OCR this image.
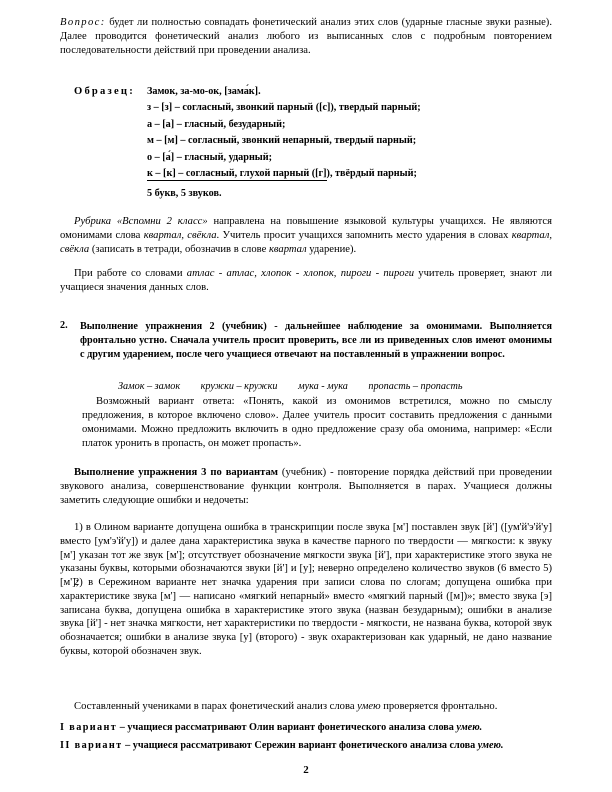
Вопрос: будет ли полностью совпадать фонетический анализ этих слов (ударные гласные звуки разные). Далее проводится фонетический анализ любого из выписанных слов с подробным повторением последовательности действий при проведении анализа.

Образец: Замок, за-мо-ок, [зама́к].
з – [з] – согласный, звонкий парный ([с]), твердый парный;
а – [а] – гласный, безударный;
м – [м] – согласный, звонкий непарный, твердый парный;
о – [а́] – гласный, ударный;
к – [к] – согласный, глухой парный ([г]), твёрдый парный;
5 букв, 5 звуков.

Рубрика «Вспомни 2 класс» направлена на повышение языковой культуры учащихся. Не являются омонимами слова квартал, свёкла. Учитель просит учащихся запомнить место ударения в словах квартал, свёкла (записать в тетради, обозначив в слове квартал ударение).

При работе со словами атлас - атлас, хлопок - хлопок, пироги - пироги учитель проверяет, знают ли учащиеся значения данных слов.

2. Выполнение упражнения 2 (учебник) - дальнейшее наблюдение за омонимами. Выполняется фронтально устно. Сначала учитель просит проверить, все ли из приведенных слов имеют омонимы с другим ударением, после чего учащиеся отвечают на поставленный в упражнении вопрос.

Замок – замок кружки – кружки мука - мука пропасть – пропасть

Возможный вариант ответа: «Понять, какой из омонимов встретился, можно по смыслу предложения, в которое включено слово». Далее учитель просит составить предложения с данными омонимами. Можно предложить включить в одно предложение сразу оба омонима, например: «Если платок уронить в пропасть, он может пропасть».

Выполнение упражнения 3 по вариантам (учебник) - повторение порядка действий при проведении звукового анализа, совершенствование функции контроля. Выполняется в парах. Учащиеся должны заметить следующие ошибки и недочеты:

1) в Олином варианте допущена ошибка в транскрипции после звука [м'] поставлен звук [й'] ([ум'й'э'й'у] вместо [ум'э'й'у]) и далее дана характеристика звука в качестве парного по твердости — мягкости: к звуку [м'] указан тот же звук [м']; отсутствует обозначение мягкости звука [й'], при характеристике этого звука не указаны буквы, которыми обозначаются звуки [й'] и [у]; неверно определено количество звуков (6 вместо 5) [м'];

2) в Сережином варианте нет значка ударения при записи слова по слогам; допущена ошибка при характеристике звука [м'] — написано «мягкий непарный» вместо «мягкий парный ([м])»; вместо звука [э] записана буква, допущена ошибка в характеристике этого звука (назван безударным); ошибки в анализе звука [й'] - нет значка мягкости, нет характеристики по твердости - мягкости, не названа буква, которой звук обозначается; ошибки в анализе звука [у] (второго) - звук охарактеризован как ударный, не дано название буквы, которой обозначен звук.

Составленный учениками в парах фонетический анализ слова умею проверяется фронтально.

I вариант – учащиеся рассматривают Олин вариант фонетического анализа слова умею.
II вариант – учащиеся рассматривают Сережин вариант фонетического анализа слова умею.
2
